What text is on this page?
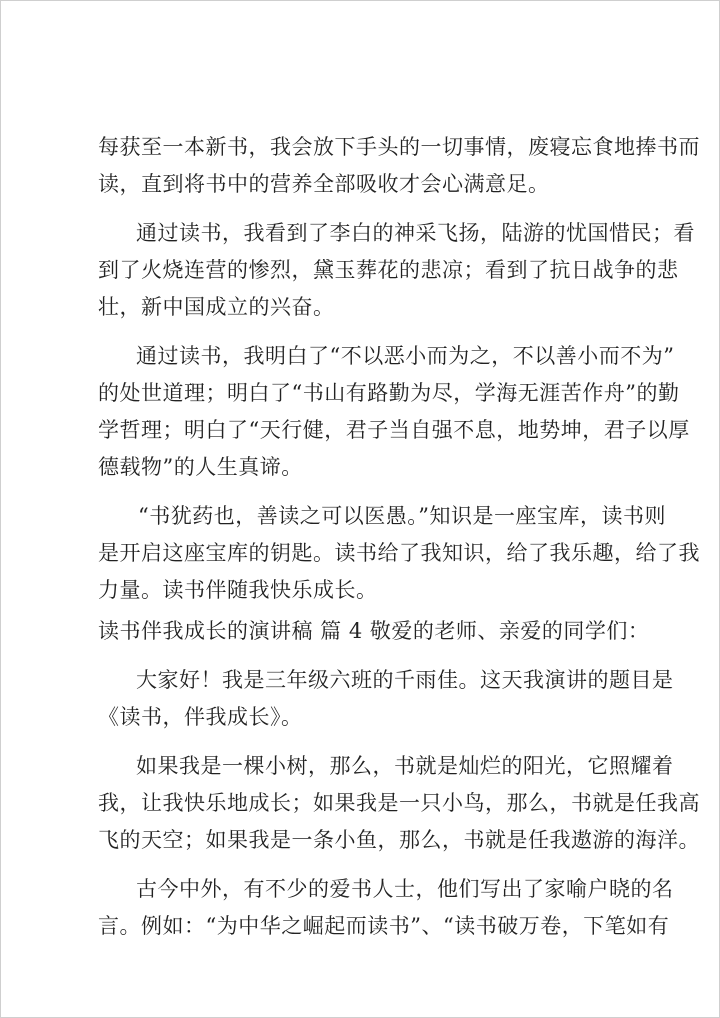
每获至一本新书，我会放下手头的一切事情，废寝忘食地捧书而
读，直到将书中的营养全部吸收才会心满意足。

通过读书，我看到了李白的神采飞扬，陆游的忧国惜民；看
到了火烧连营的惨烈，黛玉葬花的悲凉；看到了抗日战争的悲
壮，新中国成立的兴奋。

通过读书，我明白了“不以恶小而为之，不以善小而不为”
的处世道理；明白了“书山有路勤为尽，学海无涯苦作舟”的勤
学哲理；明白了“天行健，君子当自强不息，地势坤，君子以厚
德载物”的人生真谛。

“书犹药也，善读之可以医愚。”知识是一座宝库，读书则
是开启这座宝库的钥匙。读书给了我知识，给了我乐趣，给了我
力量。读书伴随我快乐成长。

读书伴我成长的演讲稿 篇 4 敬爱的老师、亲爱的同学们：

大家好！我是三年级六班的千雨佳。这天我演讲的题目是
《读书，伴我成长》。

如果我是一棵小树，那么，书就是灿烂的阳光，它照耀着
我，让我快乐地成长；如果我是一只小鸟，那么，书就是任我高
飞的天空；如果我是一条小鱼，那么，书就是任我遨游的海洋。

古今中外，有不少的爱书人士，他们写出了家喻户晓的名
言。例如：“为中华之崛起而读书”、“读书破万卷，下笔如有
